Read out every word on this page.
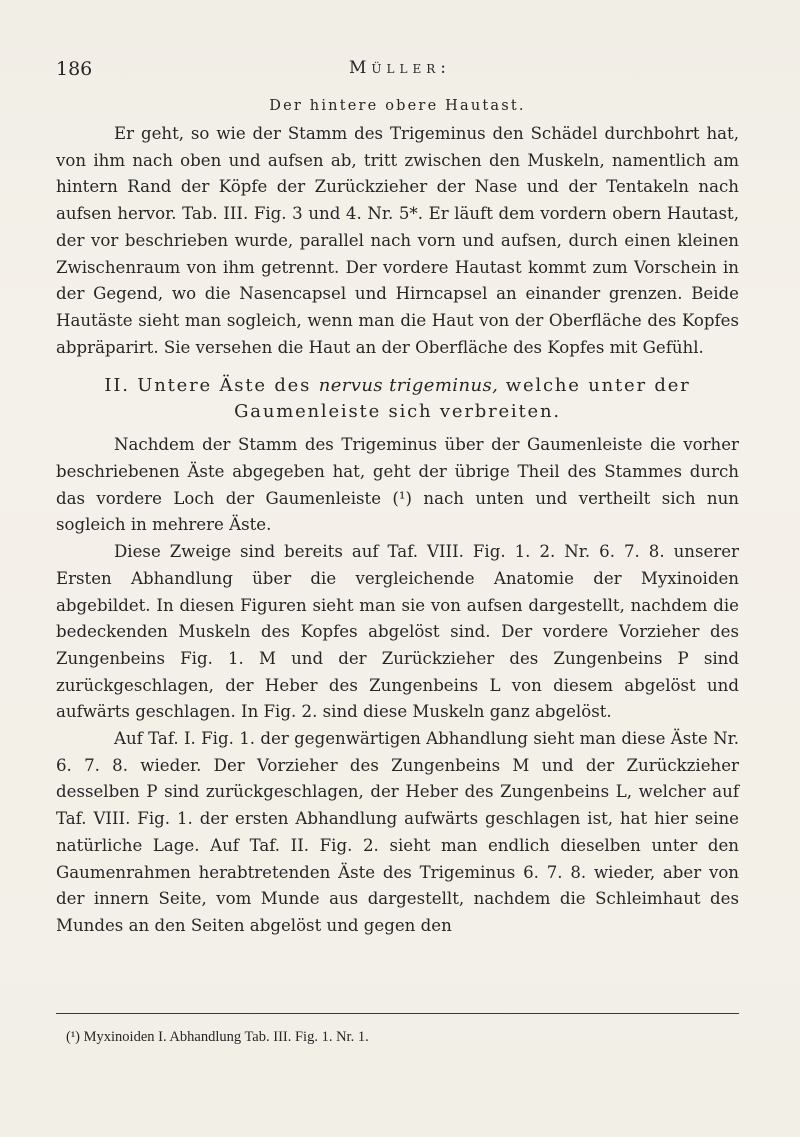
186	Müller:

Der hintere obere Hautast.

Er geht, so wie der Stamm des Trigeminus den Schädel durchbohrt hat, von ihm nach oben und aufsen ab, tritt zwischen den Muskeln, namentlich am hintern Rand der Köpfe der Zurückzieher der Nase und der Tentakeln nach aufsen hervor. Tab. III. Fig. 3 und 4. Nr. 5*. Er läuft dem vordern obern Hautast, der vor beschrieben wurde, parallel nach vorn und aufsen, durch einen kleinen Zwischenraum von ihm getrennt. Der vordere Hautast kommt zum Vorschein in der Gegend, wo die Nasencapsel und Hirncapsel an einander grenzen. Beide Hautäste sieht man sogleich, wenn man die Haut von der Oberfläche des Kopfes abpräparirt. Sie versehen die Haut an der Oberfläche des Kopfes mit Gefühl.

II. Untere Äste des nervus trigeminus, welche unter der
Gaumenleiste sich verbreiten.

Nachdem der Stamm des Trigeminus über der Gaumenleiste die vorher beschriebenen Äste abgegeben hat, geht der übrige Theil des Stammes durch das vordere Loch der Gaumenleiste (¹) nach unten und vertheilt sich nun sogleich in mehrere Äste.

Diese Zweige sind bereits auf Taf. VIII. Fig. 1. 2. Nr. 6. 7. 8. unserer Ersten Abhandlung über die vergleichende Anatomie der Myxinoiden abgebildet. In diesen Figuren sieht man sie von aufsen dargestellt, nachdem die bedeckenden Muskeln des Kopfes abgelöst sind. Der vordere Vorzieher des Zungenbeins Fig. 1. M und der Zurückzieher des Zungenbeins P sind zurückgeschlagen, der Heber des Zungenbeins L von diesem abgelöst und aufwärts geschlagen. In Fig. 2. sind diese Muskeln ganz abgelöst.

Auf Taf. I. Fig. 1. der gegenwärtigen Abhandlung sieht man diese Äste Nr. 6. 7. 8. wieder. Der Vorzieher des Zungenbeins M und der Zurückzieher desselben P sind zurückgeschlagen, der Heber des Zungenbeins L, welcher auf Taf. VIII. Fig. 1. der ersten Abhandlung aufwärts geschlagen ist, hat hier seine natürliche Lage. Auf Taf. II. Fig. 2. sieht man endlich dieselben unter den Gaumenrahmen herabtretenden Äste des Trigeminus 6. 7. 8. wieder, aber von der innern Seite, vom Munde aus dargestellt, nachdem die Schleimhaut des Mundes an den Seiten abgelöst und gegen den

(¹) Myxinoiden I. Abhandlung Tab. III. Fig. 1. Nr. 1.
